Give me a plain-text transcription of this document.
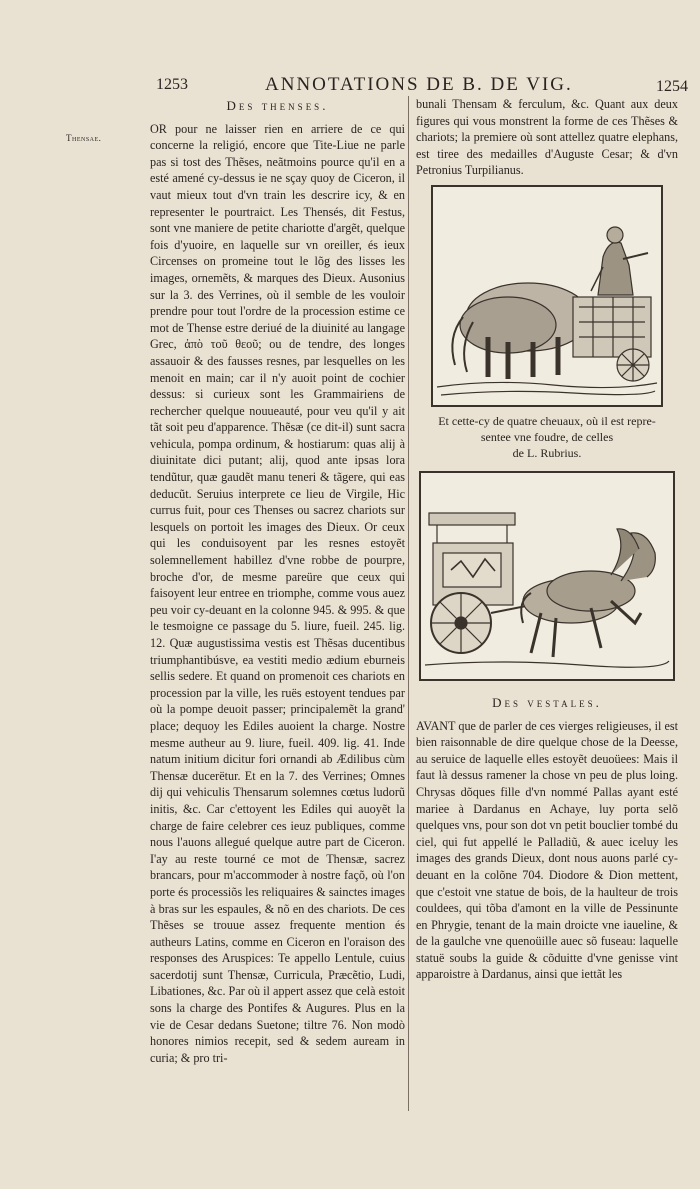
1253	ANNOTATIONS DE B. DE VIG.	1254
Thensae.
Des thenses.

OR pour ne laisser rien en arriere de ce qui concerne la religió, encore que Tite-Liue ne parle pas si tost des Thẽses, neãtmoins pource qu'il en a esté amené cy-dessus ie ne sçay quoy de Ciceron, il vaut mieux tout d'vn train les descrire icy, & en representer le pourtraict. Les Thensés, dit Festus, sont vne maniere de petite chariotte d'argẽt, quelque fois d'yuoire, en laquelle sur vn oreiller, és ieux Circenses on promeine tout le lõg des lisses les images, ornemẽts, & marques des Dieux. Ausonius sur la 3. des Verrines, où il semble de les vouloir prendre pour tout l'ordre de la procession estime ce mot de Thense estre deriué de la diuinité au langage Grec, ἀπὸ τοῦ θεοῦ; ou de tendre, des longes assauoir & des fausses resnes, par lesquelles on les menoit en main; car il n'y auoit point de cochier dessus: si curieux sont les Grammairiens de rechercher quelque nouueauté, pour veu qu'il y ait tãt soit peu d'apparence. Thẽsæ (ce dit-il) sunt sacra vehicula, pompa ordinum, & hostiarum: quas alij à diuinitate dici putant; alij, quod ante ipsas lora tendũtur, quæ gaudẽt manu teneri & tãgere, qui eas deducũt. Seruius interprete ce lieu de Virgile, Hic currus fuit, pour ces Thenses ou sacrez chariots sur lesquels on portoit les images des Dieux. Or ceux qui les conduisoyent par les resnes estoyẽt solemnellement habillez d'vne robbe de pourpre, broche d'or, de mesme pareüre que ceux qui faisoyent leur entree en triomphe, comme vous auez peu voir cy-deuant en la colonne 945. & 995. & que le tesmoigne ce passage du 5. liure, fueil. 245. lig. 12. Quæ augustissima vestis est Thẽsas ducentibus triumphantibúsve, ea vestiti medio ædium eburneis sellis sedere. Et quand on promenoit ces chariots en procession par la ville, les ruës estoyent tendues par où la pompe deuoit passer; principalemẽt la grand' place; dequoy les Ediles auoient la charge. Nostre mesme autheur au 9. liure, fueil. 409. lig. 41. Inde natum initium dicitur fori ornandi ab Ædilibus cùm Thensæ ducerëtur. Et en la 7. des Verrines; Omnes dij qui vehiculis Thensarum solemnes cœtus ludorũ initis, &c. Car c'ettoyent les Ediles qui auoyẽt la charge de faire celebrer ces ieuz publiques, comme nous l'auons allegué quelque autre part de Ciceron. I'ay au reste tourné ce mot de Thensæ, sacrez brancars, pour m'accommoder à nostre façõ, où l'on porte és processiõs les reliquaires & sainctes images à bras sur les espaules, & nõ en des chariots. De ces Thẽses se trouue assez frequente mention és autheurs Latins, comme en Ciceron en l'oraison des responses des Aruspices: Te appello Lentule, cuius sacerdotij sunt Thensæ, Curricula, Præcẽtio, Ludi, Libationes, &c. Par où il appert assez que celà estoit sons la charge des Pontifes & Augures. Plus en la vie de Cesar dedans Suetone; tiltre 76. Non modò honores nimios recepit, sed & sedem auream in curia; & pro tri-

bunali Thensam & ferculum, &c. Quant aux deux figures qui vous monstrent la forme de ces Thẽses & chariots; la premiere où sont attellez quatre elephans, est tiree des medailles d'Auguste Cesar; & d'vn Petronius Turpilianus.

Et cette-cy de quatre cheuaux, où il est repre-
sentee vne foudre, de celles
de L. Rubrius.
Des vestales.

AVANT que de parler de ces vierges religieuses, il est bien raisonnable de dire quelque chose de la Deesse, au seruice de laquelle elles estoyẽt deuoüees: Mais il faut là dessus ramener la chose vn peu de plus loing. Chrysas dõques fille d'vn nommé Pallas ayant esté mariee à Dardanus en Achaye, luy porta selõ quelques vns, pour son dot vn petit bouclier tombé du ciel, qui fut appellé le Palladiũ, & auec iceluy les images des grands Dieux, dont nous auons parlé cy-deuant en la colõne 704. Diodore & Dion mettent, que c'estoit vne statue de bois, de la haulteur de trois couldees, qui tõba d'amont en la ville de Pessinunte en Phrygie, tenant de la main droicte vne iaueline, & de la gaulche vne quenoüille auec sõ fuseau: laquelle statuë soubs la guide & cõduitte d'vne genisse vint apparoistre à Dardanus, ainsi que iettãt les
